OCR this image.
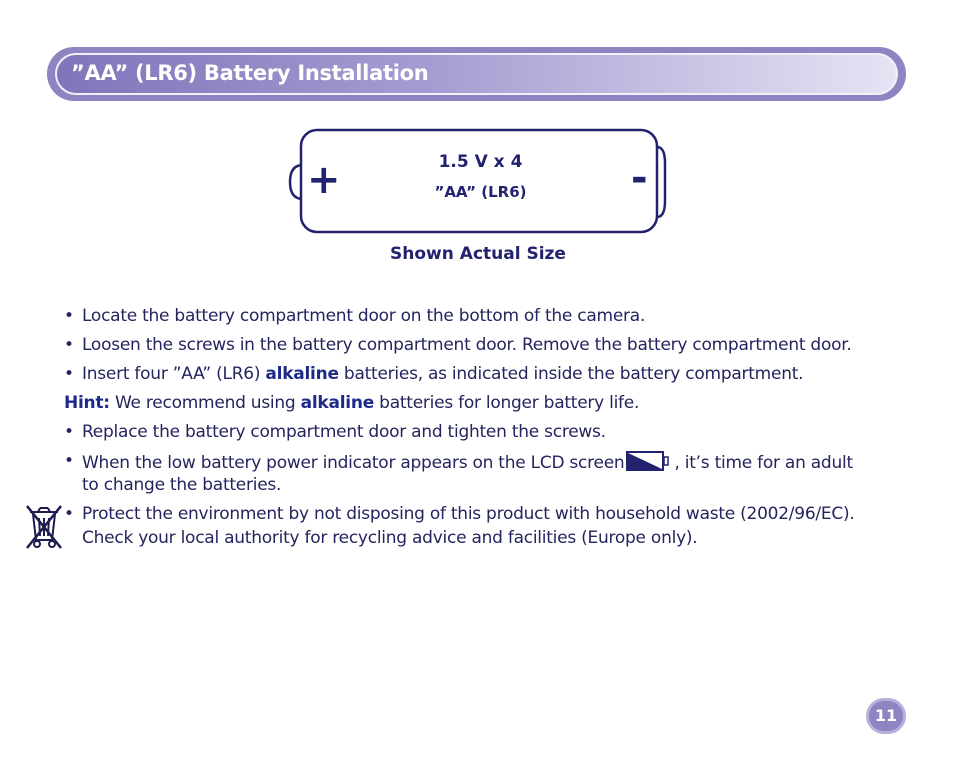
”AA” (LR6) Battery Installation
+	-
1.5 V x 4
”AA” (LR6)
Shown Actual Size
• Locate the battery compartment door on the bottom of the camera.
• Loosen the screws in the battery compartment door. Remove the battery compartment door.
• Insert four ”AA” (LR6) alkaline batteries, as indicated inside the battery compartment.
Hint: We recommend using alkaline batteries for longer battery life.
• Replace the battery compartment door and tighten the screws.
• When the low battery power indicator appears on the LCD screen	, it’s time for an adult
to change the batteries.
• Protect the environment by not disposing of this product with household waste (2002/96/EC).
Check your local authority for recycling advice and facilities (Europe only).
11
